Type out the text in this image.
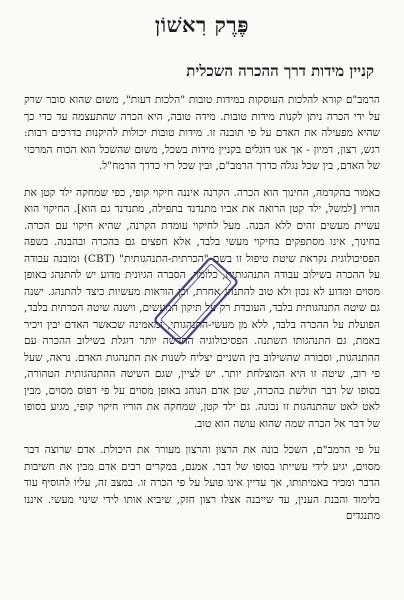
פֶּרֶק רִאשׁוֹן
קניין מידות דרך ההכרה השכלית

הרמב"ם קורא להלכות העוסקות במידות טובות "הלכות דעות", משום שהוא סובר שרק על ידי הכרה ניתן לקנות מידות טובות. מידה טובה, היא הכרה שהתעצמה עד כדי כך שהיא מפעילה את האדם על פי תובנה זו. מידות טובות יכולות להיקנות בדרכים רבות: רגש, רצון, דמיון - אך אנו דוגלים בקניין מידות בשכל, משום שהשכל הוא הכוח המרכזי של האדם, בין שכל נגלה כדרך הרמב"ם, ובין שכל רזי כדרך הרמח"ל.

כאמור בהקדמה, החינוך הוא הכרה. הקרנה איננה חיקוי קופי, כפי שמחקה ילד קטן את הוריו [למשל, ילד קטן הרואה את אביו מתנדנד בתפילה, מתנדנד גם הוא]. החיקוי הוא עשיית מעשים זהים ללא הבנה. מעל לחיקוי עומדת הקרנה, שהיא חיקוי עם הכרה. בחינוך, אינו מסתפקים בחיקוי מעשי בלבד, אלא חפצים גם בהכרה ובהבנה. בשפה הפסיכולוגית נקראת שיטת טיפול זו בשם "הכרתית-התנהגותית" (CBT) ומובנה עבודה על ההכרה בשילוב עבודה התנהגותית, כלומר, הסברה הגיונית מדוע יש להתנהג באופן מסוים ומדוע לא נכון ולא טוב להתנהג אחרת, וכן הוראות מעשיות כיצד להתנהג. ישנה גם שיטה התנהגותית בלבד, העובדת רק על תיקון המעשים, וישנה שיטה הכרתית בלבד, הפועלת על ההכרה בלבד, ללא מן מעשי-התנהגותי, ומאמינה שכאשר האדם יבין ויכיר באמת, גם התנהגותו תשתנה. הפסיכולוגיה החדשה יותר דוגלת בשילוב ההכרה עם ההתנהגות, וסבורה שהשילוב בין השניים יצליח לשנות את התנהגות האדם. נראה, שעל פי רוב, שיטה זו היא המוצלחת יותר. יש לציין, שגם השיטה ההתנהגותית הטהורה, בסופו של דבר תולשת בהכרה, שכן אדם הנוהג באופן מסוים על פי דפוס מסוים, מבין לאט לאט שהתנהגות זו נכונה. גם ילד קטן, שמחקה את הוריו חיקוי קופי, מגיע בסופו של דבר אל הכרה שמה שהוא עושה הוא טוב.

על פי הרמב"ם, השכל בונה את הרצון והרצון מעורר את היכולת. אדם שרוצה דבר מסוים, יגיע לידי עשייתו בסופו של דבר. אמנם, במקרים רבים אדם מבין את חשיבות הדבר ומכיר באמיתותו, אך עדיין אינו פועל על פי הכרה זו. במצב זה, עליו להוסיף עוד בלימוד והבנת הענין, עד שייבנה אצלו רצון חזק, שיביא אותו לידי שינוי מעשי. איננו מתנגדים
